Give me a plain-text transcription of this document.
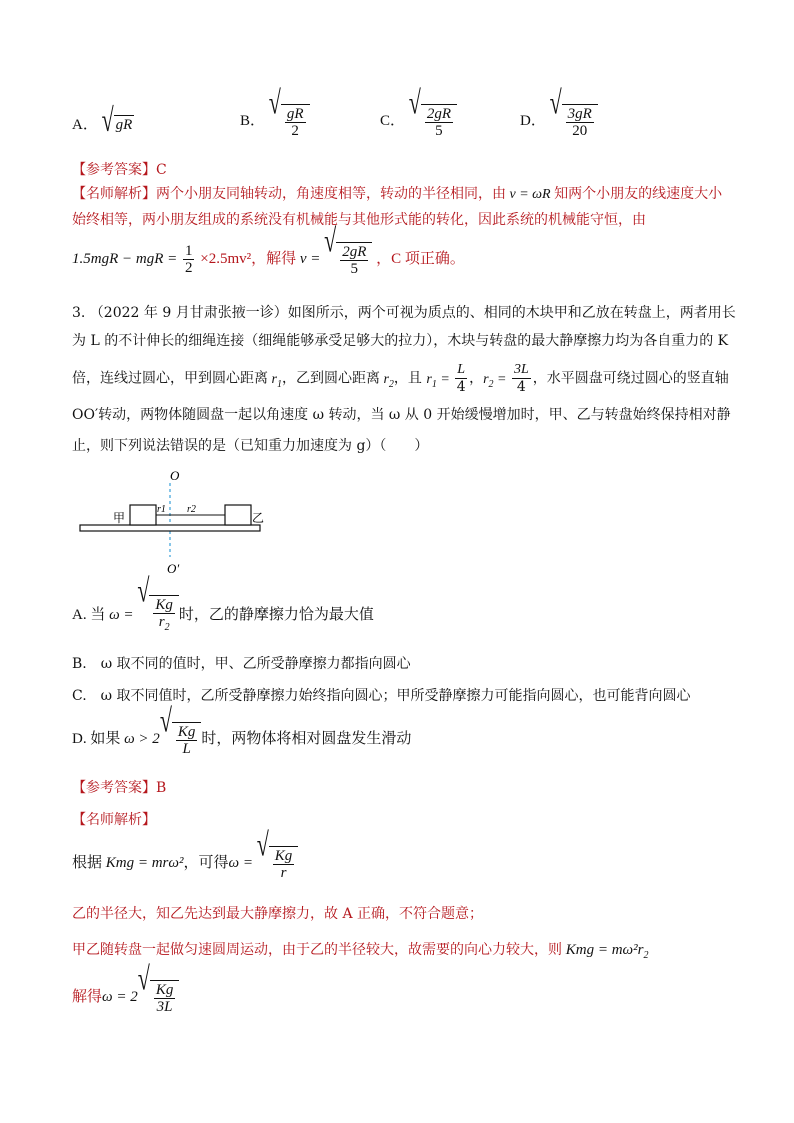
A． √ gR	B． √
$\frac{gR}{2}$	C． √
$\frac{2gR}{5}$	D． √
$\frac{3gR}{20}$
【参考答案】C
【名师解析】两个小朋友同轴转动，角速度相等，转动的半径相同，由 v = ωR 知两个小朋友的线速度大小
始终相等，两小朋友组成的系统没有机械能与其他形式能的转化，因此系统的机械能守恒，由
1.5mgR − mgR = $\frac{1}{2} \times 2.5mv^2$，解得 v = √
$\frac{2gR}{5}$ ，C 项正确。
3. （2022 年 9 月甘肃张掖一诊）如图所示，两个可视为质点的、相同的木块甲和乙放在转盘上，两者用长
为 L 的不计伸长的细绳连接（细绳能够承受足够大的拉力），木块与转盘的最大静摩擦力均为各自重力的 K
倍，连线过圆心，甲到圆心距离 $r_1$，乙到圆心距离 $r_2$，且 $r_1 = \frac{L}{4}$ ，$r_2 = \frac{3L}{4}$ ，水平圆盘可绕过圆心的竖直轴
OO′转动，两物体随圆盘一起以角速度 ω 转动，当 ω 从 0 开始缓慢增加时，甲、乙与转盘始终保持相对静
止，则下列说法错误的是（已知重力加速度为 g）（　　）
O
O′
甲	乙
r1 r2
A. 当 ω =
√
$\frac{Kg}{r_2}$ 时，乙的静摩擦力恰为最大值
B.　ω 取不同的值时，甲、乙所受静摩擦力都指向圆心
C.　ω 取不同值时，乙所受静摩擦力始终指向圆心；甲所受静摩擦力可能指向圆心，也可能背向圆心
D. 如果 ω > 2 √
$\frac{Kg}{L}$ 时，两物体将相对圆盘发生滑动
【参考答案】B
【名师解析】
根据 Kmg = mrω²，可得ω = √
$\frac{Kg}{r}$
乙的半径大，知乙先达到最大静摩擦力，故 A 正确，不符合题意；
甲乙随转盘一起做匀速圆周运动，由于乙的半径较大，故需要的向心力较大，则 Kmg = $m\omega^2r_2$
解得ω = 2 √
$\frac{Kg}{3L}$
